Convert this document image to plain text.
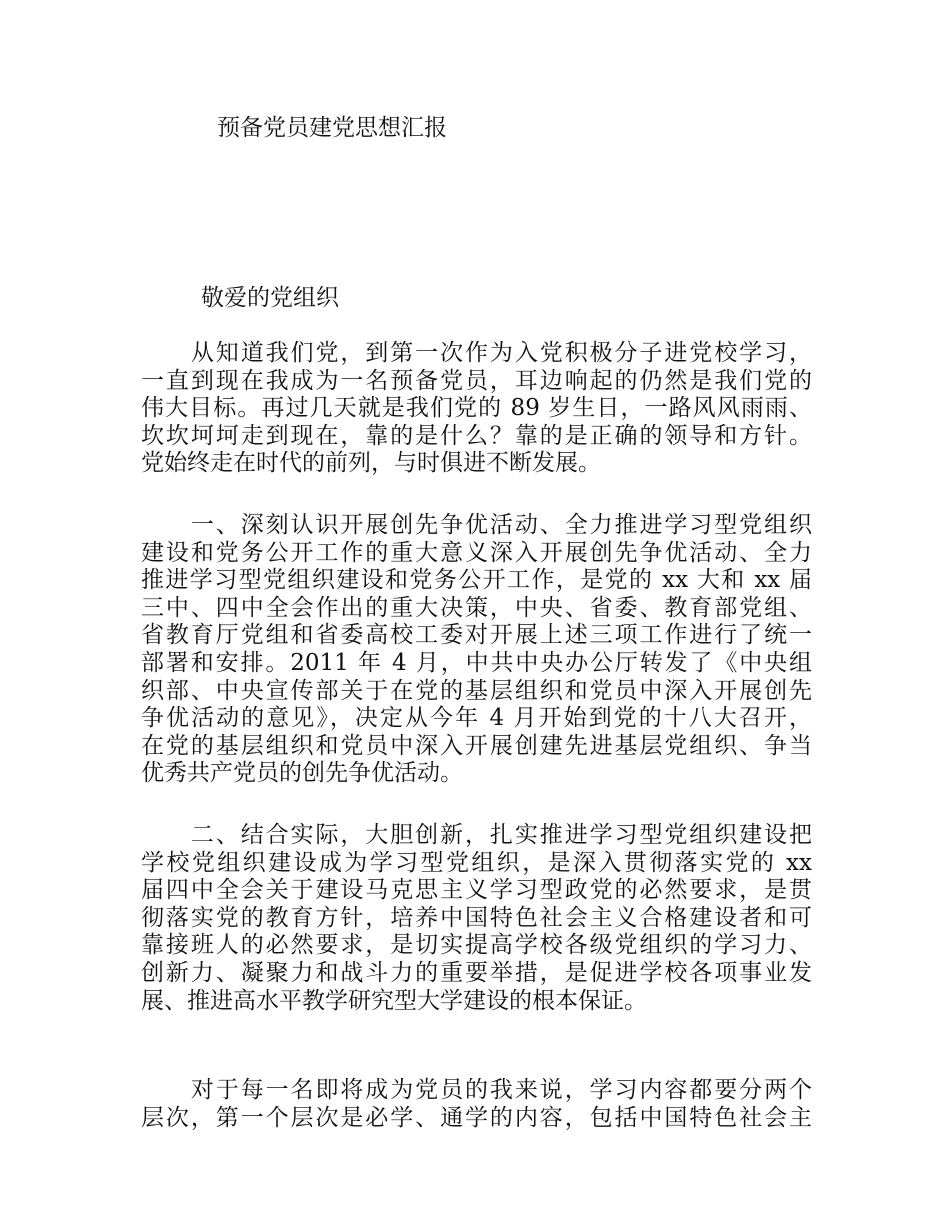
预备党员建党思想汇报
敬爱的党组织
　　从知道我们党，到第一次作为入党积极分子进党校学习，
一直到现在我成为一名预备党员，耳边响起的仍然是我们党的
伟大目标。再过几天就是我们党的 89 岁生日，一路风风雨雨、
坎坎坷坷走到现在，靠的是什么？靠的是正确的领导和方针。
党始终走在时代的前列，与时俱进不断发展。
　　一、深刻认识开展创先争优活动、全力推进学习型党组织
建设和党务公开工作的重大意义深入开展创先争优活动、全力
推进学习型党组织建设和党务公开工作，是党的 xx 大和 xx 届
三中、四中全会作出的重大决策，中央、省委、教育部党组、
省教育厅党组和省委高校工委对开展上述三项工作进行了统一
部署和安排。2011 年 4 月，中共中央办公厅转发了《中央组
织部、中央宣传部关于在党的基层组织和党员中深入开展创先
争优活动的意见》，决定从今年 4 月开始到党的十八大召开，
在党的基层组织和党员中深入开展创建先进基层党组织、争当
优秀共产党员的创先争优活动。
　　二、结合实际，大胆创新，扎实推进学习型党组织建设把
学校党组织建设成为学习型党组织，是深入贯彻落实党的 xx
届四中全会关于建设马克思主义学习型政党的必然要求，是贯
彻落实党的教育方针，培养中国特色社会主义合格建设者和可
靠接班人的必然要求，是切实提高学校各级党组织的学习力、
创新力、凝聚力和战斗力的重要举措，是促进学校各项事业发
展、推进高水平教学研究型大学建设的根本保证。
　　对于每一名即将成为党员的我来说，学习内容都要分两个
层次，第一个层次是必学、通学的内容，包括中国特色社会主
